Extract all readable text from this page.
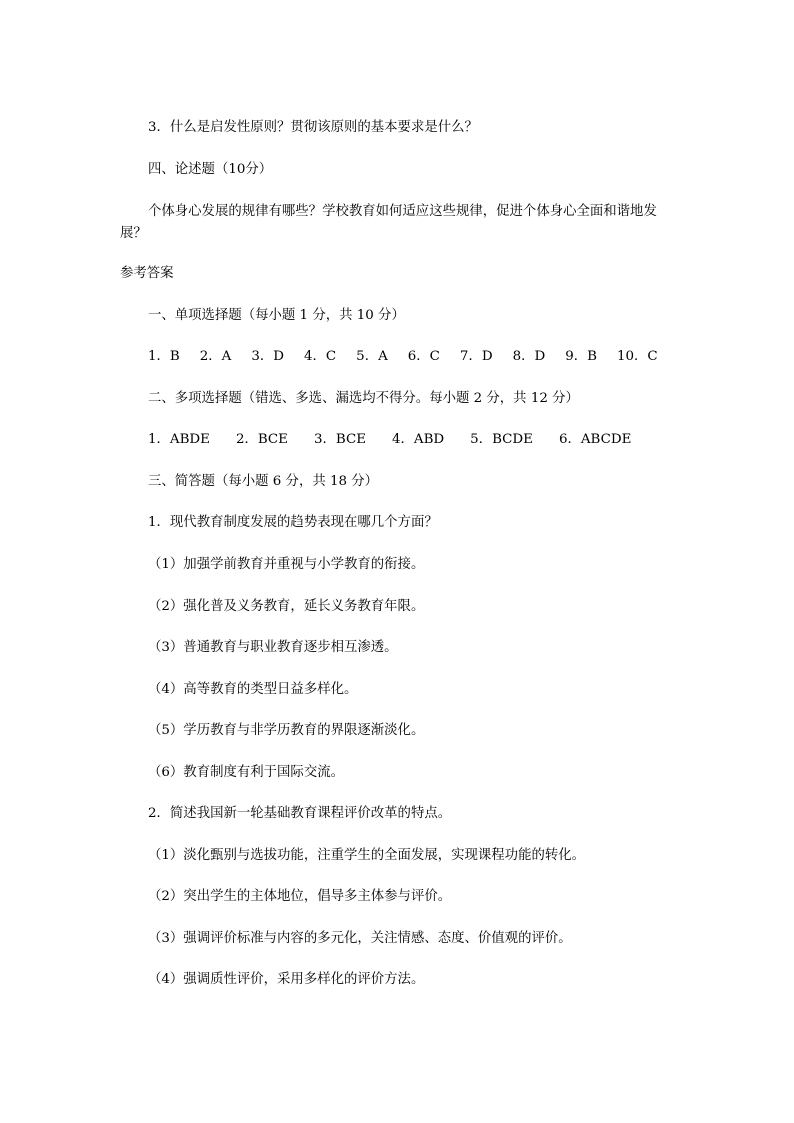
3．什么是启发性原则？贯彻该原则的基本要求是什么？
四、论述题（10分）
个体身心发展的规律有哪些？学校教育如何适应这些规律，促进个体身心全面和谐地发展？
参考答案
一、单项选择题（每小题 1 分，共 10 分）
1．B 2．A 3．D 4．C 5．A 6．C 7．D 8．D 9．B 10．C
二、多项选择题（错选、多选、漏选均不得分。每小题 2 分，共 12 分）
1．ABDE 2．BCE 3．BCE 4．ABD 5．BCDE 6．ABCDE
三、简答题（每小题 6 分，共 18 分）
1．现代教育制度发展的趋势表现在哪几个方面？
（1）加强学前教育并重视与小学教育的衔接。
（2）强化普及义务教育，延长义务教育年限。
（3）普通教育与职业教育逐步相互渗透。
（4）高等教育的类型日益多样化。
（5）学历教育与非学历教育的界限逐渐淡化。
（6）教育制度有利于国际交流。
2．简述我国新一轮基础教育课程评价改革的特点。
（1）淡化甄别与选拔功能，注重学生的全面发展，实现课程功能的转化。
（2）突出学生的主体地位，倡导多主体参与评价。
（3）强调评价标准与内容的多元化，关注情感、态度、价值观的评价。
（4）强调质性评价，采用多样化的评价方法。
